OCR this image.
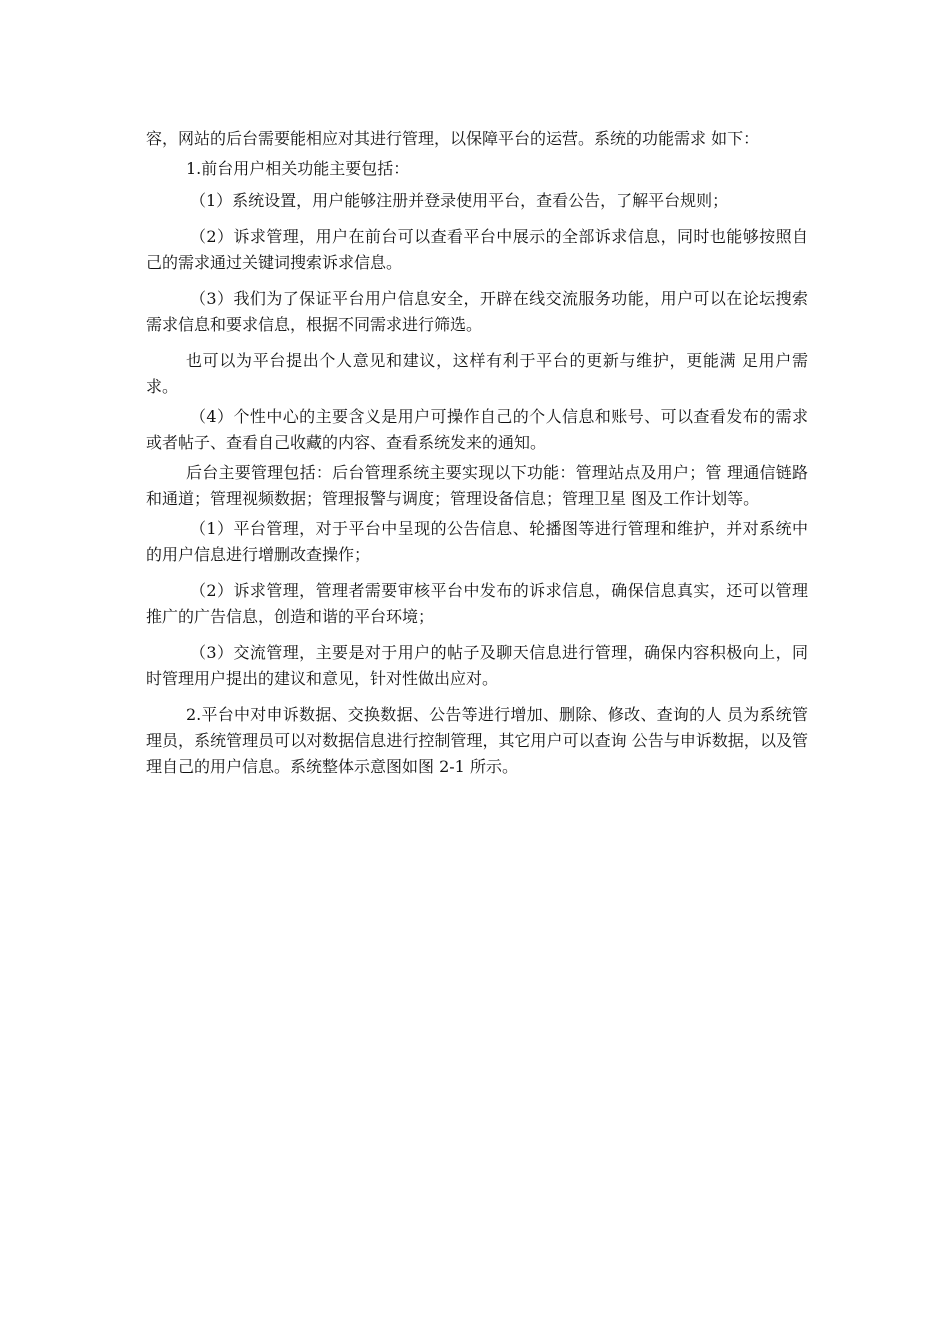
容，网站的后台需要能相应对其进行管理，以保障平台的运营。系统的功能需求 如下：

1.前台用户相关功能主要包括：

（1）系统设置，用户能够注册并登录使用平台，查看公告，了解平台规则；

（2）诉求管理，用户在前台可以查看平台中展示的全部诉求信息，同时也能够按照自己的需求通过关键词搜索诉求信息。

（3）我们为了保证平台用户信息安全，开辟在线交流服务功能，用户可以在论坛搜索需求信息和要求信息，根据不同需求进行筛选。

也可以为平台提出个人意见和建议，这样有利于平台的更新与维护，更能满 足用户需求。

（4）个性中心的主要含义是用户可操作自己的个人信息和账号、可以查看发布的需求或者帖子、查看自己收藏的内容、查看系统发来的通知。

后台主要管理包括：后台管理系统主要实现以下功能：管理站点及用户；管 理通信链路和通道；管理视频数据；管理报警与调度；管理设备信息；管理卫星 图及工作计划等。

（1）平台管理，对于平台中呈现的公告信息、轮播图等进行管理和维护，并对系统中的用户信息进行增删改查操作；

（2）诉求管理，管理者需要审核平台中发布的诉求信息，确保信息真实，还可以管理推广的广告信息，创造和谐的平台环境；

（3）交流管理，主要是对于用户的帖子及聊天信息进行管理，确保内容积极向上，同时管理用户提出的建议和意见，针对性做出应对。

2.平台中对申诉数据、交换数据、公告等进行增加、删除、修改、查询的人 员为系统管理员，系统管理员可以对数据信息进行控制管理，其它用户可以查询 公告与申诉数据，以及管理自己的用户信息。系统整体示意图如图 2-1 所示。
